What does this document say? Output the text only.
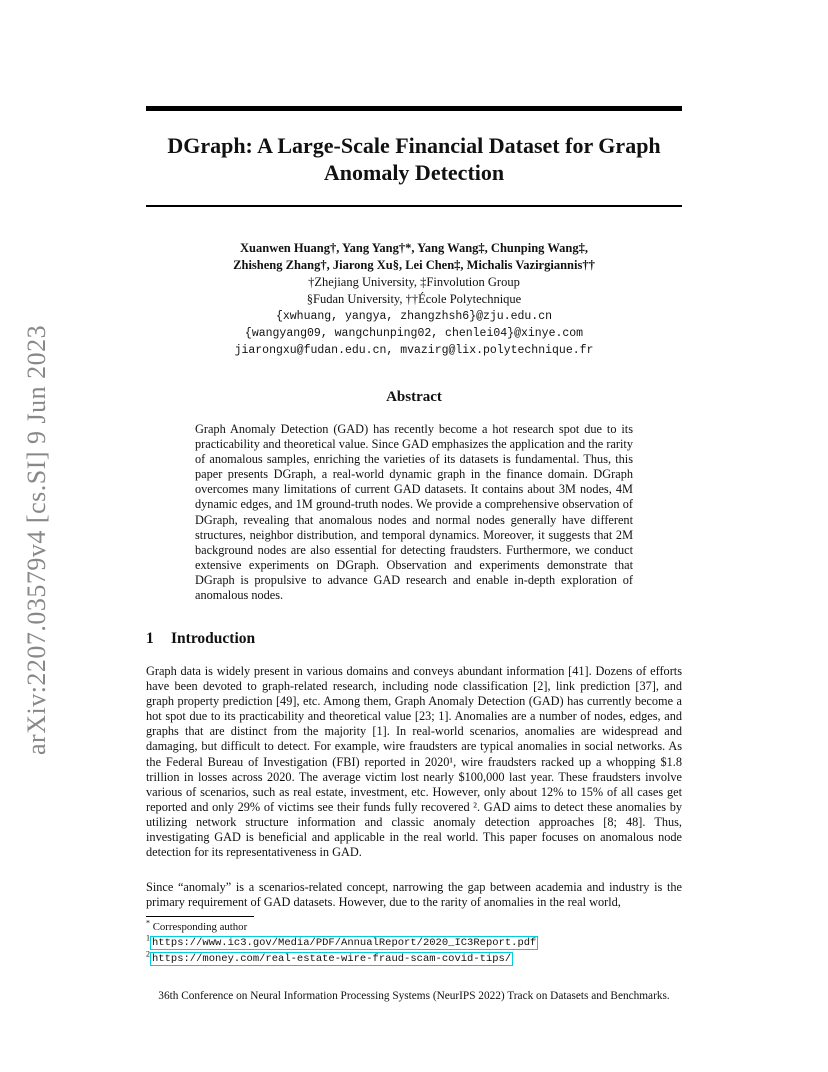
arXiv:2207.03579v4 [cs.SI] 9 Jun 2023
DGraph: A Large-Scale Financial Dataset for Graph Anomaly Detection
Xuanwen Huang†, Yang Yang†*, Yang Wang‡, Chunping Wang‡,
Zhisheng Zhang†, Jiarong Xu§, Lei Chen‡, Michalis Vazirgiannis††
†Zhejiang University, ‡Finvolution Group
§Fudan University, ††École Polytechnique
{xwhuang, yangya, zhangzhsh6}@zju.edu.cn
{wangyang09, wangchunping02, chenlei04}@xinye.com
jiarongxu@fudan.edu.cn, mvazirg@lix.polytechnique.fr
Abstract
Graph Anomaly Detection (GAD) has recently become a hot research spot due to its practicability and theoretical value. Since GAD emphasizes the application and the rarity of anomalous samples, enriching the varieties of its datasets is fundamental. Thus, this paper presents DGraph, a real-world dynamic graph in the finance domain. DGraph overcomes many limitations of current GAD datasets. It contains about 3M nodes, 4M dynamic edges, and 1M ground-truth nodes. We provide a comprehensive observation of DGraph, revealing that anomalous nodes and normal nodes generally have different structures, neighbor distribution, and temporal dynamics. Moreover, it suggests that 2M background nodes are also essential for detecting fraudsters. Furthermore, we conduct extensive experiments on DGraph. Observation and experiments demonstrate that DGraph is propulsive to advance GAD research and enable in-depth exploration of anomalous nodes.
1 Introduction
Graph data is widely present in various domains and conveys abundant information [41]. Dozens of efforts have been devoted to graph-related research, including node classification [2], link prediction [37], and graph property prediction [49], etc. Among them, Graph Anomaly Detection (GAD) has currently become a hot spot due to its practicability and theoretical value [23; 1]. Anomalies are a number of nodes, edges, and graphs that are distinct from the majority [1]. In real-world scenarios, anomalies are widespread and damaging, but difficult to detect. For example, wire fraudsters are typical anomalies in social networks. As the Federal Bureau of Investigation (FBI) reported in 2020¹, wire fraudsters racked up a whopping $1.8 trillion in losses across 2020. The average victim lost nearly $100,000 last year. These fraudsters involve various of scenarios, such as real estate, investment, etc. However, only about 12% to 15% of all cases get reported and only 29% of victims see their funds fully recovered ². GAD aims to detect these anomalies by utilizing network structure information and classic anomaly detection approaches [8; 48]. Thus, investigating GAD is beneficial and applicable in the real world. This paper focuses on anomalous node detection for its representativeness in GAD.
Since “anomaly” is a scenarios-related concept, narrowing the gap between academia and industry is the primary requirement of GAD datasets. However, due to the rarity of anomalies in the real world,
* Corresponding author
$^1$ https://www.ic3.gov/Media/PDF/AnnualReport/2020_IC3Report.pdf
$^2$ https://money.com/real-estate-wire-fraud-scam-covid-tips/
36th Conference on Neural Information Processing Systems (NeurIPS 2022) Track on Datasets and Benchmarks.
